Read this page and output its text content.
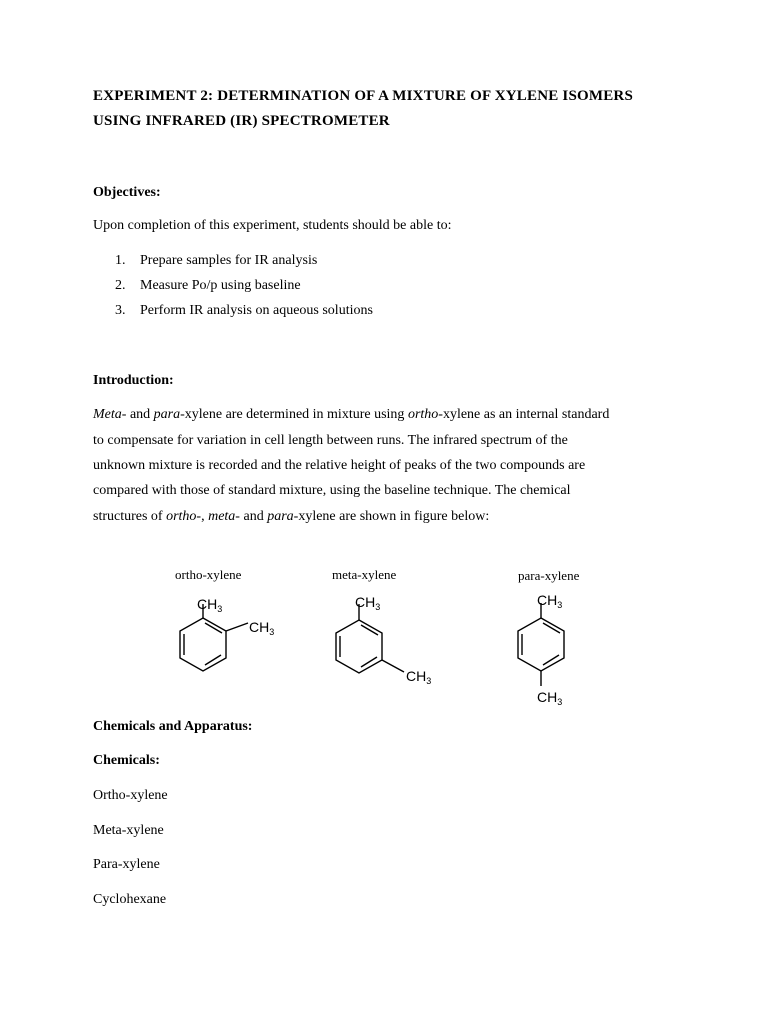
EXPERIMENT 2: DETERMINATION OF A MIXTURE OF XYLENE ISOMERS

USING INFRARED (IR) SPECTROMETER

Objectives:

Upon completion of this experiment, students should be able to:

1. Prepare samples for IR analysis

2. Measure Po/p using baseline

3. Perform IR analysis on aqueous solutions

Introduction:

Meta- and para-xylene are determined in mixture using ortho-xylene as an internal standard

to compensate for variation in cell length between runs. The infrared spectrum of the

unknown mixture is recorded and the relative height of peaks of the two compounds are

compared with those of standard mixture, using the baseline technique. The chemical

structures of ortho-, meta- and para-xylene are shown in figure below:

ortho-xylene	meta-xylene	para-xylene

$CH_3$
$CH_3$
$CH_3$
$CH_3$
$CH_3$
$CH_3$

Chemicals and Apparatus:

Chemicals:

Ortho-xylene

Meta-xylene

Para-xylene

Cyclohexane
